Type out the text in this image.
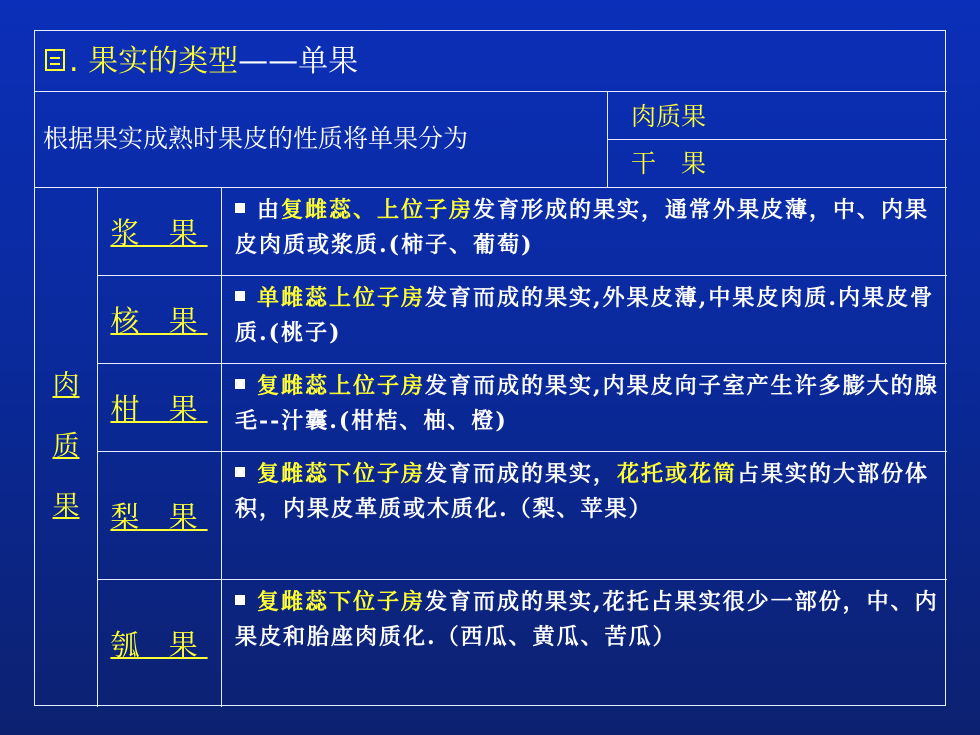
. 果实的类型——单果
根据果实成熟时果皮的性质将单果分为
肉质果
干　果
肉
质
果
浆 果
由复雌蕊、上位子房发育形成的果实，通常外果皮薄，中、内果皮肉质或浆质.(柿子、葡萄)
核 果
单雌蕊上位子房发育而成的果实,外果皮薄,中果皮肉质.内果皮骨质.(桃子)
柑 果
复雌蕊上位子房发育而成的果实,内果皮向子室产生许多膨大的腺毛--汁囊.(柑桔、柚、橙)
梨 果
复雌蕊下位子房发育而成的果实，花托或花筒占果实的大部份体积，内果皮革质或木质化.（梨、苹果）
瓠 果
复雌蕊下位子房发育而成的果实,花托占果实很少一部份，中、内果皮和胎座肉质化.（西瓜、黄瓜、苦瓜）
